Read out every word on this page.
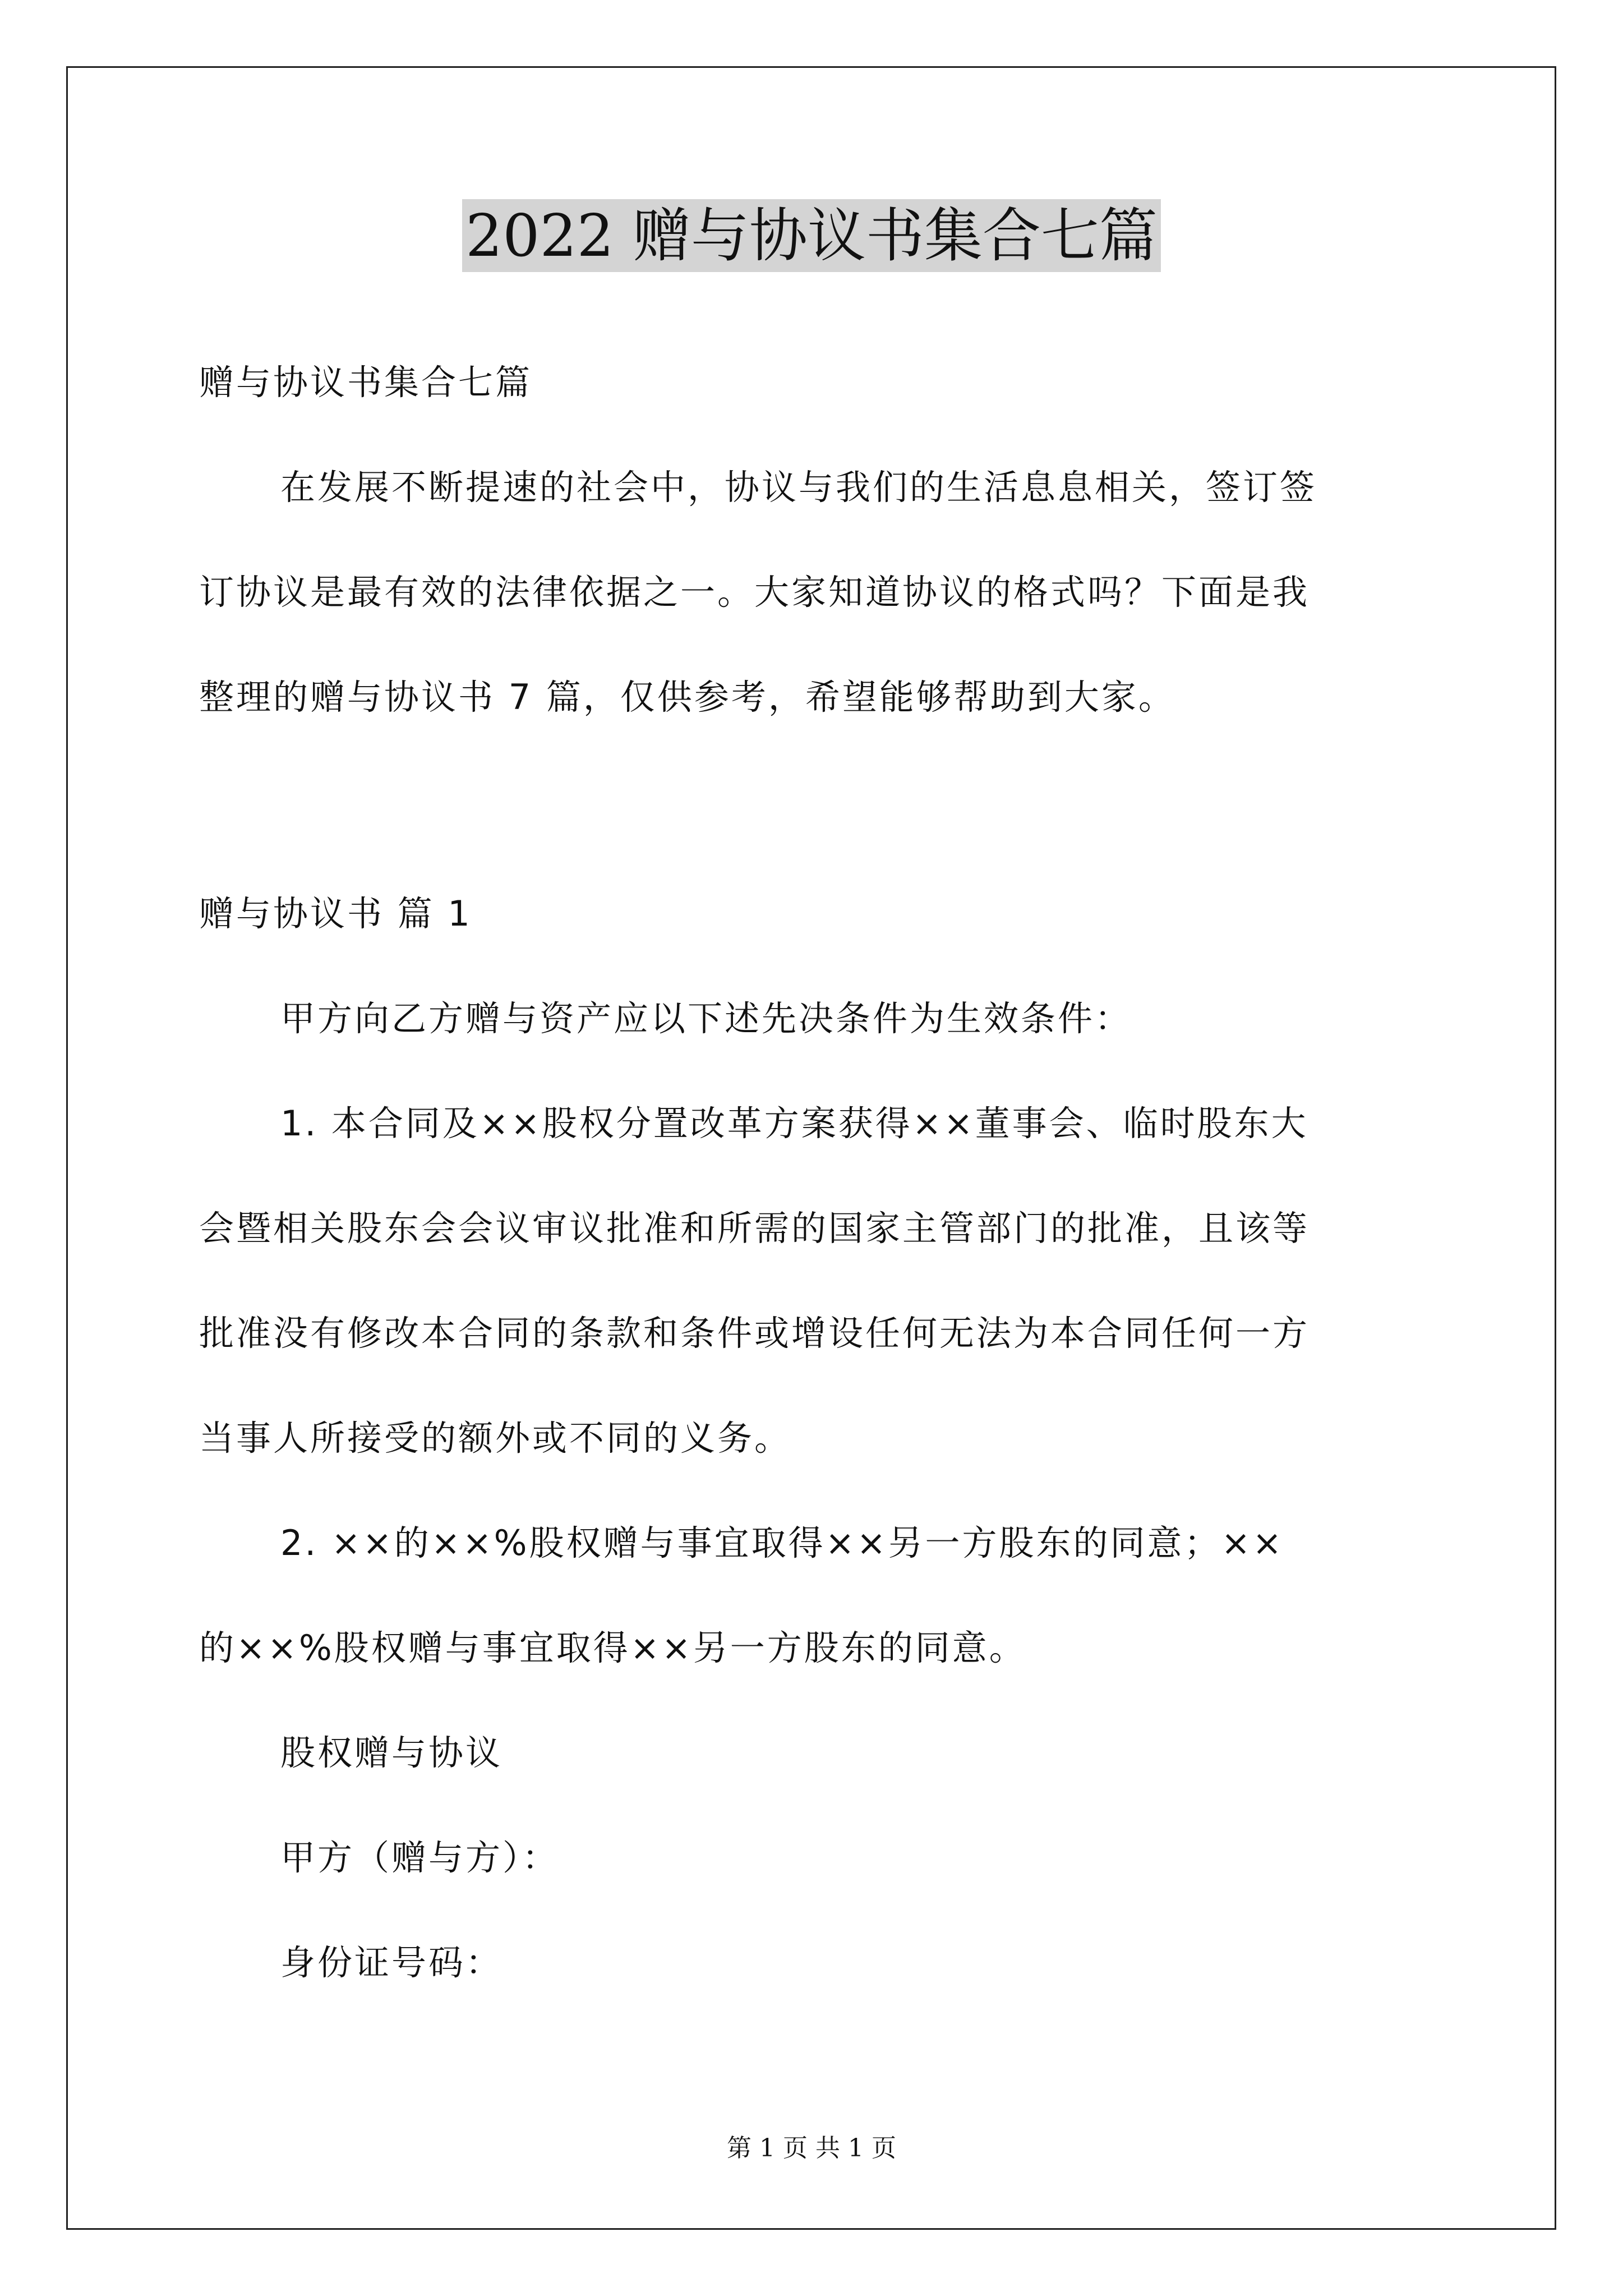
2022 赠与协议书集合七篇
赠与协议书集合七篇
在发展不断提速的社会中，协议与我们的生活息息相关，签订签
订协议是最有效的法律依据之一。大家知道协议的格式吗？下面是我
整理的赠与协议书 7 篇，仅供参考，希望能够帮助到大家。
赠与协议书 篇 1
甲方向乙方赠与资产应以下述先决条件为生效条件：
1. 本合同及××股权分置改革方案获得××董事会、临时股东大
会暨相关股东会会议审议批准和所需的国家主管部门的批准，且该等
批准没有修改本合同的条款和条件或增设任何无法为本合同任何一方
当事人所接受的额外或不同的义务。
2. ××的××%股权赠与事宜取得××另一方股东的同意；××
的××%股权赠与事宜取得××另一方股东的同意。
股权赠与协议
甲方（赠与方）：
身份证号码：
第 1 页 共 1 页
